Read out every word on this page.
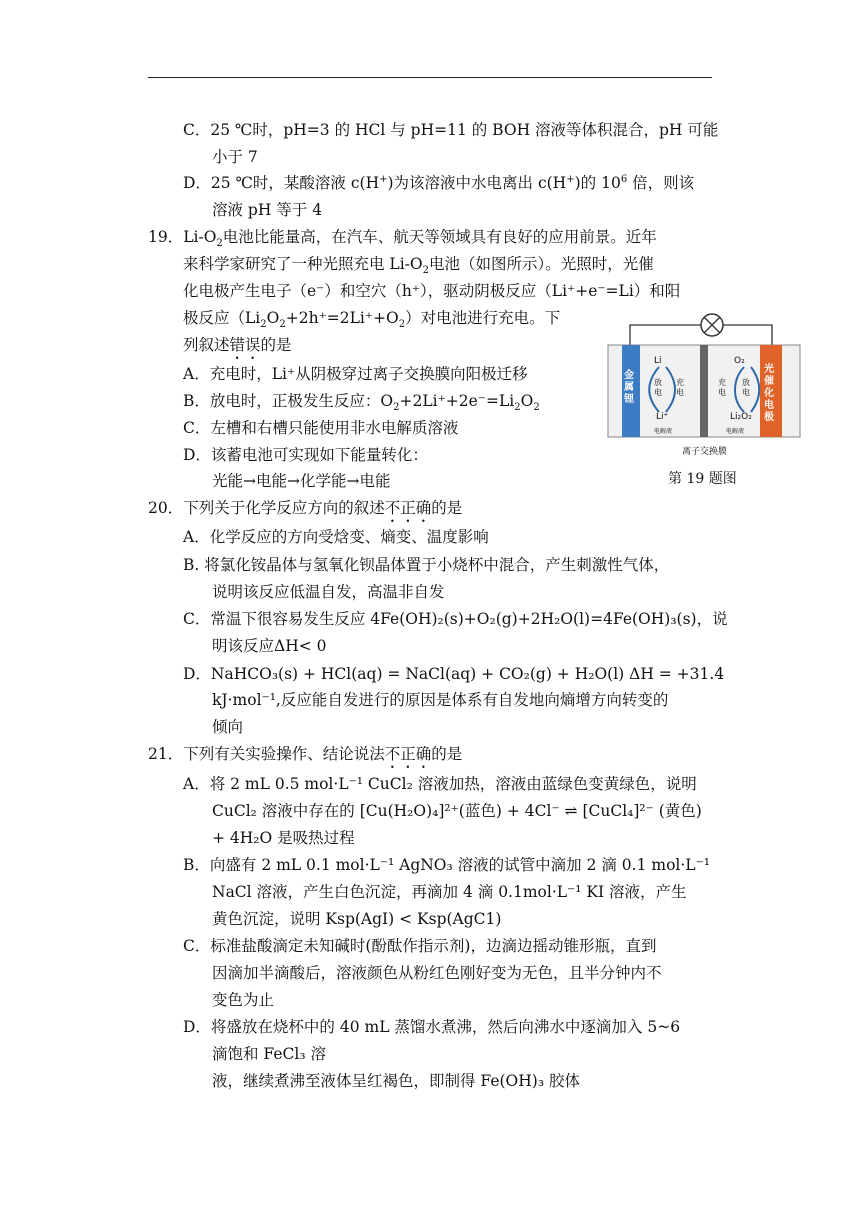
C．25 ℃时，pH=3 的 HCl 与 pH=11 的 BOH 溶液等体积混合，pH 可能
小于 7
D．25 ℃时，某酸溶液 c(H+)为该溶液中水电离出 c(H+)的 $10^6$ 倍，则该
溶液 pH 等于 4
19．$Li-O_2$电池比能量高，在汽车、航天等领域具有良好的应用前景。近年
来科学家研究了一种光照充电 $Li-O_2$电池（如图所示）。光照时，光催
化电极产生电子（e⁻）和空穴（h⁺），驱动阴极反应（Li⁺+e⁻=Li）和阳
极反应$(Li_2O_2+2h^+=2Li^++O_2)$对电池进行充电。下
列叙述错误的是
A．充电时，Li⁺从阴极穿过离子交换膜向阳极迁移
B．放电时，正极发生反应：$O_2+2Li^++2e^-=Li_2O_2$
C．左槽和右槽只能使用非水电解质溶液
D．该蓄电池可实现如下能量转化：
光能→电能→化学能→电能
金属锂
光催化电极
Li
Li⁺
O₂
Li₂O₂
放电
充电
充电
放电
电解液	电解液
离子交换膜
第 19 题图
20．下列关于化学反应方向的叙述不正确的是
A．化学反应的方向受焓变、熵变、温度影响
B. 将氯化铵晶体与氢氧化钡晶体置于小烧杯中混合，产生刺激性气体，
说明该反应低温自发，高温非自发
C．常温下很容易发生反应 4Fe(OH)₂(s)+O₂(g)+2H₂O(l)=4Fe(OH)₃(s)，说
明该反应ΔH< 0
D．NaHCO₃(s) + HCl(aq) = NaCl(aq) + CO₂(g) + H₂O(l) ΔH = +31.4
kJ·mol⁻¹,反应能自发进行的原因是体系有自发地向熵增方向转变的
倾向
21．下列有关实验操作、结论说法不正确的是
A．将 2 mL 0.5 mol·L⁻¹ CuCl₂ 溶液加热，溶液由蓝绿色变黄绿色，说明
CuCl₂ 溶液中存在的 [Cu(H₂O)₄]²⁺(蓝色) + 4Cl⁻ ⇌ [CuCl₄]²⁻ (黄色)
+ 4H₂O 是吸热过程
B．向盛有 2 mL 0.1 mol·L⁻¹ AgNO₃ 溶液的试管中滴加 2 滴 0.1 mol·L⁻¹
NaCl 溶液，产生白色沉淀，再滴加 4 滴 0.1mol·L⁻¹ KI 溶液，产生
黄色沉淀，说明 Ksp(AgI) < Ksp(AgC1)
C．标准盐酸滴定未知碱时(酚酞作指示剂)，边滴边摇动锥形瓶，直到
因滴加半滴酸后，溶液颜色从粉红色刚好变为无色，且半分钟内不
变色为止
D．将盛放在烧杯中的 40 mL 蒸馏水煮沸，然后向沸水中逐滴加入 5~6
滴饱和 FeCl₃ 溶
液，继续煮沸至液体呈红褐色，即制得 Fe(OH)₃ 胶体
